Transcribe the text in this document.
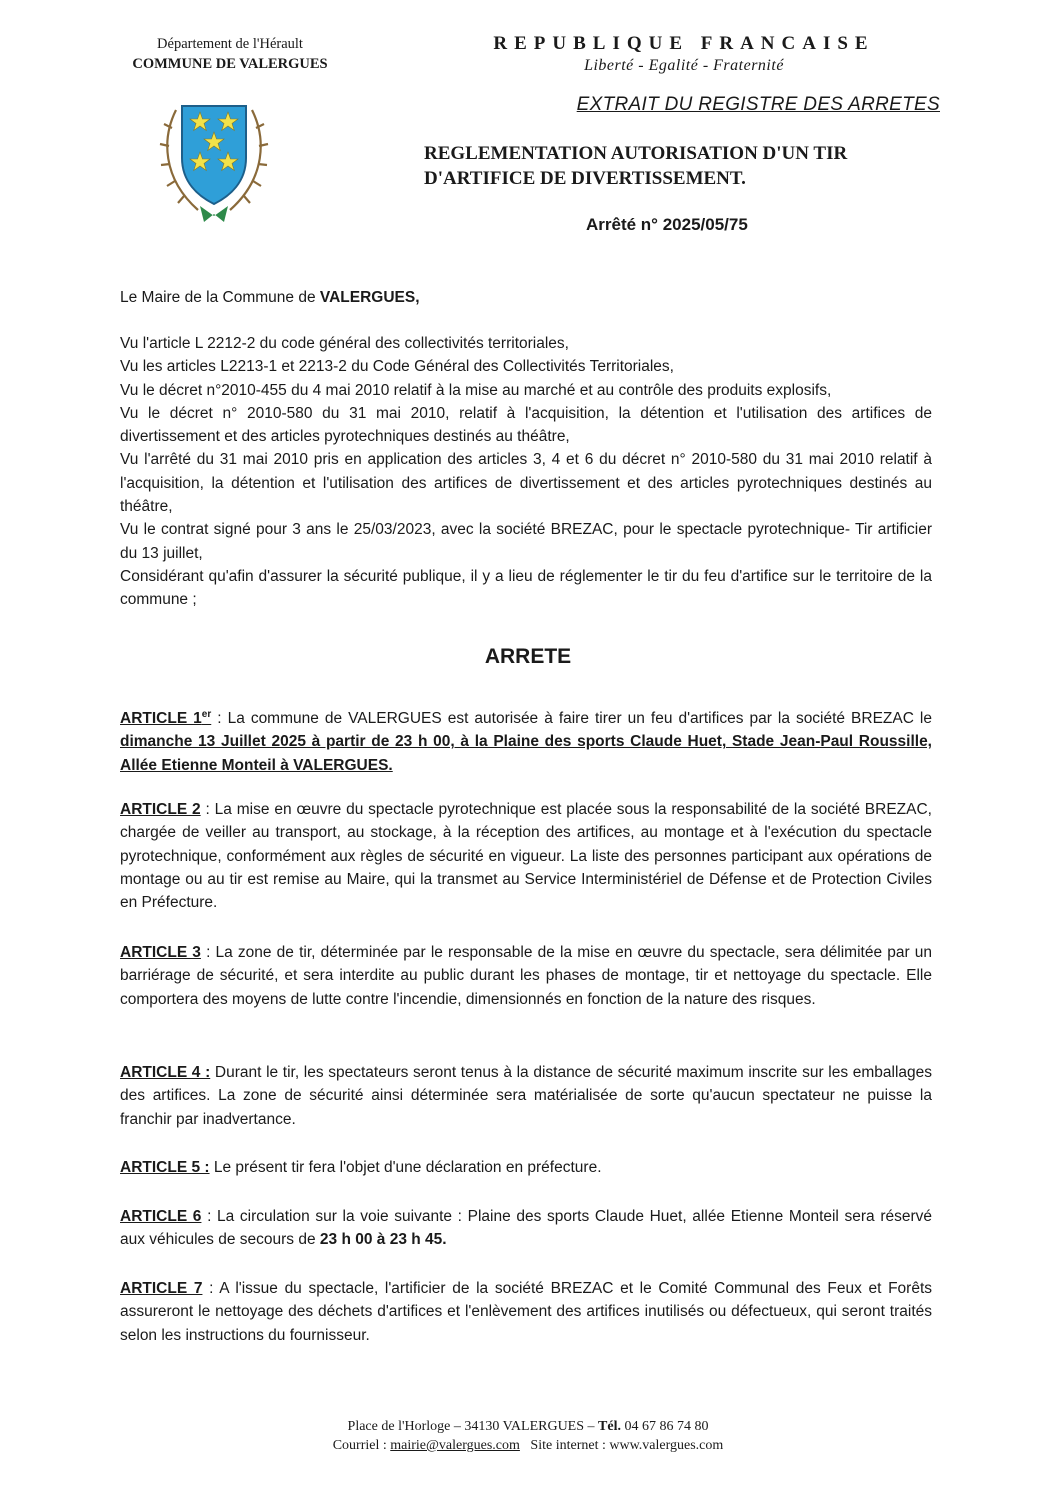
Département de l'Hérault
COMMUNE DE VALERGUES
REPUBLIQUE FRANCAISE
Liberté - Egalité - Fraternité
EXTRAIT DU REGISTRE DES ARRETES
REGLEMENTATION AUTORISATION D'UN TIR
D'ARTIFICE DE DIVERTISSEMENT.
Arrêté n° 2025/05/75
Le Maire de la Commune de VALERGUES,

Vu l'article L 2212-2 du code général des collectivités territoriales,

Vu les articles L2213-1 et 2213-2 du Code Général des Collectivités Territoriales,

Vu le décret n°2010-455 du 4 mai 2010 relatif à la mise au marché et au contrôle des produits explosifs,

Vu le décret n° 2010-580 du 31 mai 2010, relatif à l'acquisition, la détention et l'utilisation des artifices de divertissement et des articles pyrotechniques destinés au théâtre,

Vu l'arrêté du 31 mai 2010 pris en application des articles 3, 4 et 6 du décret n° 2010-580 du 31 mai 2010 relatif à l'acquisition, la détention et l'utilisation des artifices de divertissement et des articles pyrotechniques destinés au théâtre,

Vu le contrat signé pour 3 ans le 25/03/2023, avec la société BREZAC, pour le spectacle pyrotechnique- Tir artificier du 13 juillet,

Considérant qu'afin d'assurer la sécurité publique, il y a lieu de réglementer le tir du feu d'artifice sur le territoire de la commune ;

ARRETE

ARTICLE 1er : La commune de VALERGUES est autorisée à faire tirer un feu d'artifices par la société BREZAC le dimanche 13 Juillet 2025 à partir de 23 h 00, à la Plaine des sports Claude Huet, Stade Jean-Paul Roussille, Allée Etienne Monteil à VALERGUES.

ARTICLE 2 : La mise en œuvre du spectacle pyrotechnique est placée sous la responsabilité de la société BREZAC, chargée de veiller au transport, au stockage, à la réception des artifices, au montage et à l'exécution du spectacle pyrotechnique, conformément aux règles de sécurité en vigueur. La liste des personnes participant aux opérations de montage ou au tir est remise au Maire, qui la transmet au Service Interministériel de Défense et de Protection Civiles en Préfecture.

ARTICLE 3 : La zone de tir, déterminée par le responsable de la mise en œuvre du spectacle, sera délimitée par un barriérage de sécurité, et sera interdite au public durant les phases de montage, tir et nettoyage du spectacle. Elle comportera des moyens de lutte contre l'incendie, dimensionnés en fonction de la nature des risques.

ARTICLE 4 : Durant le tir, les spectateurs seront tenus à la distance de sécurité maximum inscrite sur les emballages des artifices. La zone de sécurité ainsi déterminée sera matérialisée de sorte qu'aucun spectateur ne puisse la franchir par inadvertance.

ARTICLE 5 : Le présent tir fera l'objet d'une déclaration en préfecture.

ARTICLE 6 : La circulation sur la voie suivante : Plaine des sports Claude Huet, allée Etienne Monteil sera réservé aux véhicules de secours de 23 h 00 à 23 h 45.

ARTICLE 7 : A l'issue du spectacle, l'artificier de la société BREZAC et le Comité Communal des Feux et Forêts assureront le nettoyage des déchets d'artifices et l'enlèvement des artifices inutilisés ou défectueux, qui seront traités selon les instructions du fournisseur.

Place de l'Horloge – 34130 VALERGUES – Tél. 04 67 86 74 80
Courriel : mairie@valergues.com   Site internet : www.valergues.com
